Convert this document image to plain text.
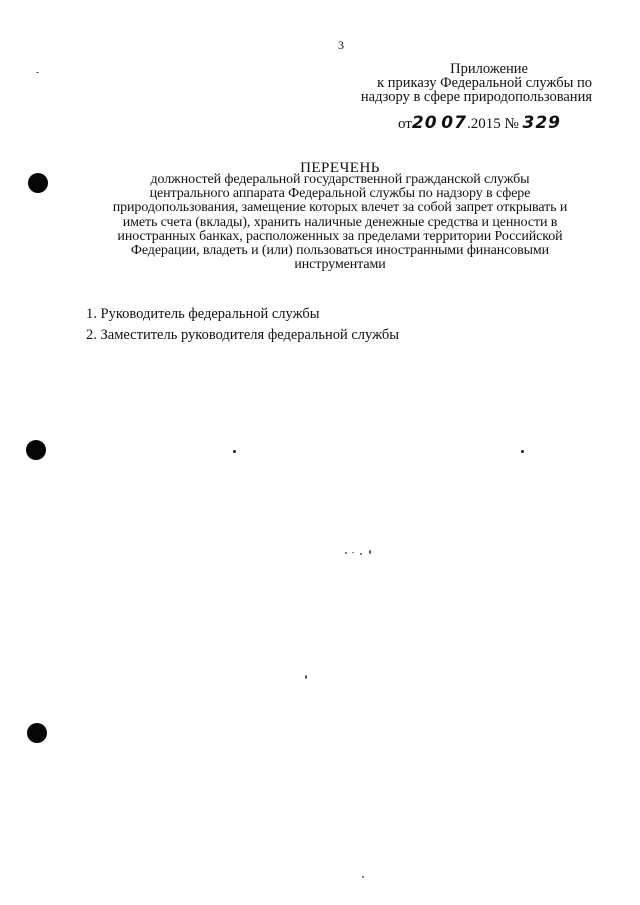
3
Приложение
к приказу Федеральной службы по
надзору в сфере природопользования
от20 07.2015 № 329
ПЕРЕЧЕНЬ
должностей федеральной государственной гражданской службы
центрального аппарата Федеральной службы по надзору в сфере
природопользования, замещение которых влечет за собой запрет открывать и
иметь счета (вклады), хранить наличные денежные средства и ценности в
иностранных банках, расположенных за пределами территории Российской
Федерации, владеть и (или) пользоваться иностранными финансовыми
инструментами
1. Руководитель федеральной службы
2. Заместитель руководителя федеральной службы
